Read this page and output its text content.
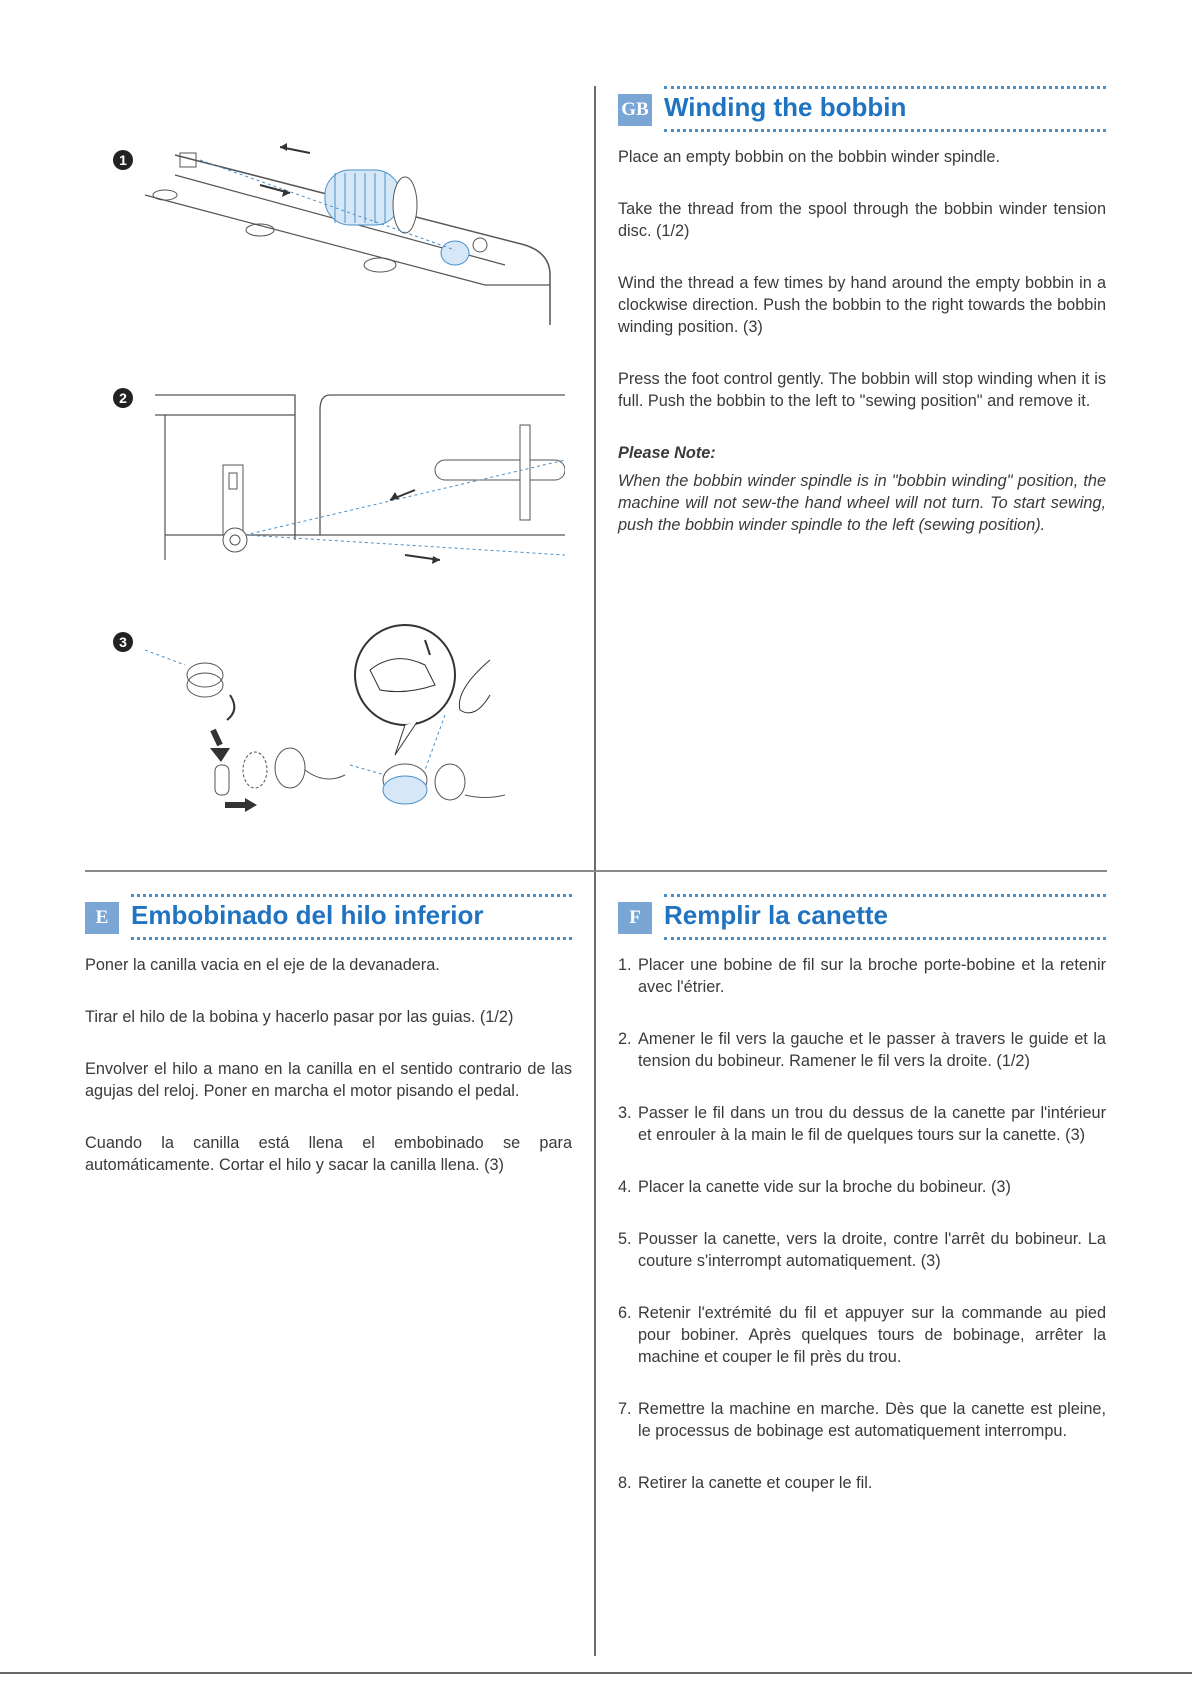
1
2
3
GB Winding the bobbin

Place an empty bobbin on the bobbin winder spindle.

Take the thread from the spool through the bobbin winder tension disc. (1/2)

Wind the thread a few times by hand around the empty bobbin in a clockwise direction. Push the bobbin to the right towards the bobbin winding position. (3)

Press the foot control gently. The bobbin will stop winding when it is full. Push the bobbin to the left to "sewing position" and remove it.

Please Note:

When the bobbin winder spindle is in "bobbin winding" position, the machine will not sew-the hand wheel will not turn. To start sewing, push the bobbin winder spindle to the left (sewing position).

E Embobinado del hilo inferior

Poner la canilla vacia en el eje de la devanadera.

Tirar el hilo de la bobina y hacerlo pasar por las guias. (1/2)

Envolver el hilo a mano en la canilla en el sentido contrario de las agujas del reloj. Poner en marcha el motor pisando el pedal.

Cuando la canilla está llena el embobinado se para automáticamente. Cortar el hilo y sacar la canilla llena. (3)

F Remplir la canette
1. Placer une bobine de fil sur la broche porte-bobine et la retenir avec l'étrier.
2. Amener le fil vers la gauche et le passer à travers le guide et la tension du bobineur. Ramener le fil vers la droite. (1/2)
3. Passer le fil dans un trou du dessus de la canette par l'intérieur et enrouler à la main le fil de quelques tours sur la canette. (3)
4. Placer la canette vide sur la broche du bobineur. (3)
5. Pousser la canette, vers la droite, contre l'arrêt du bobineur. La couture s'interrompt automatiquement. (3)
6. Retenir l'extrémité du fil et appuyer sur la commande au pied pour bobiner. Après quelques tours de bobinage, arrêter la machine et couper le fil près du trou.
7. Remettre la machine en marche. Dès que la canette est pleine, le processus de bobinage est automatiquement interrompu.
8. Retirer la canette et couper le fil.
